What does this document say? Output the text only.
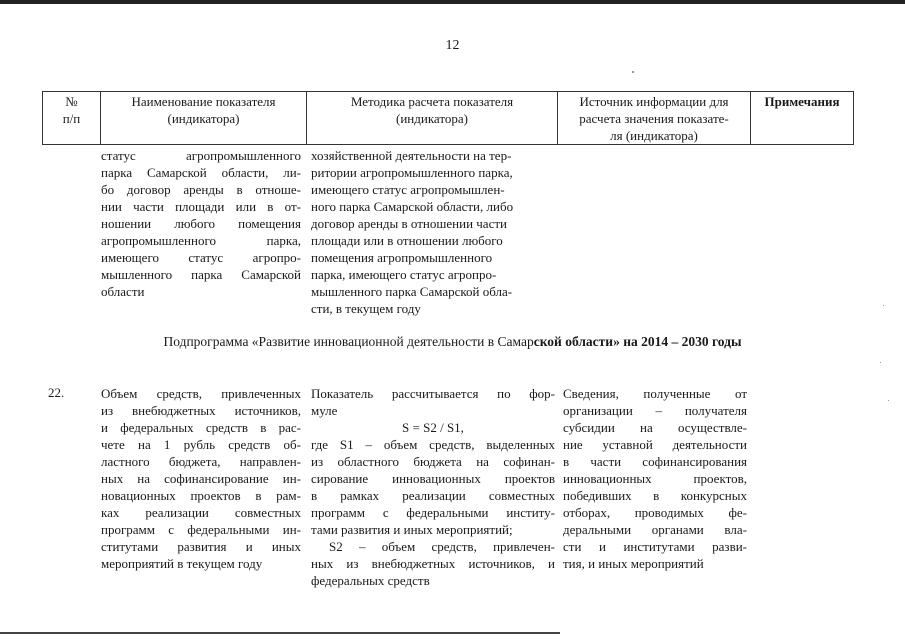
12
№
п/п
Наименование показателя
(индикатора)
Методика расчета показателя
(индикатора)
Источник информации для
расчета значения показате-
ля (индикатора)
Примечания
статус агропромышленного
парка Самарской области, ли-
бо договор аренды в отноше-
нии части площади или в от-
ношении любого помещения
агропромышленного парка,
имеющего статус агропро-
мышленного парка Самарской
области
хозяйственной деятельности на тер-
ритории агропромышленного парка,
имеющего статус агропромышлен-
ного парка Самарской области, либо
договор аренды в отношении части
площади или в отношении любого
помещения агропромышленного
парка, имеющего статус агропро-
мышленного парка Самарской обла-
сти, в текущем году
Подпрограмма «Развитие инновационной деятельности в Самарской области» на 2014 – 2030 годы
22.	Объем средств, привлеченных
из внебюджетных источников,
и федеральных средств в рас-
чете на 1 рубль средств об-
ластного бюджета, направлен-
ных на софинансирование ин-
новационных проектов в рам-
ках реализации совместных
программ с федеральными ин-
ститутами развития и иных
мероприятий в текущем году
Показатель рассчитывается по фор-
муле
S = S2 / S1,
где S1 – объем средств, выделенных
из областного бюджета на софинан-
сирование инновационных проектов
в рамках реализации совместных
программ с федеральными институ-
тами развития и иных мероприятий;
S2 – объем средств, привлечен-
ных из внебюджетных источников, и
федеральных средств
Сведения, полученные от
организации – получателя
субсидии на осуществле-
ние уставной деятельности
в части софинансирования
инновационных проектов,
победивших в конкурсных
отборах, проводимых фе-
деральными органами вла-
сти и институтами разви-
тия, и иных мероприятий
